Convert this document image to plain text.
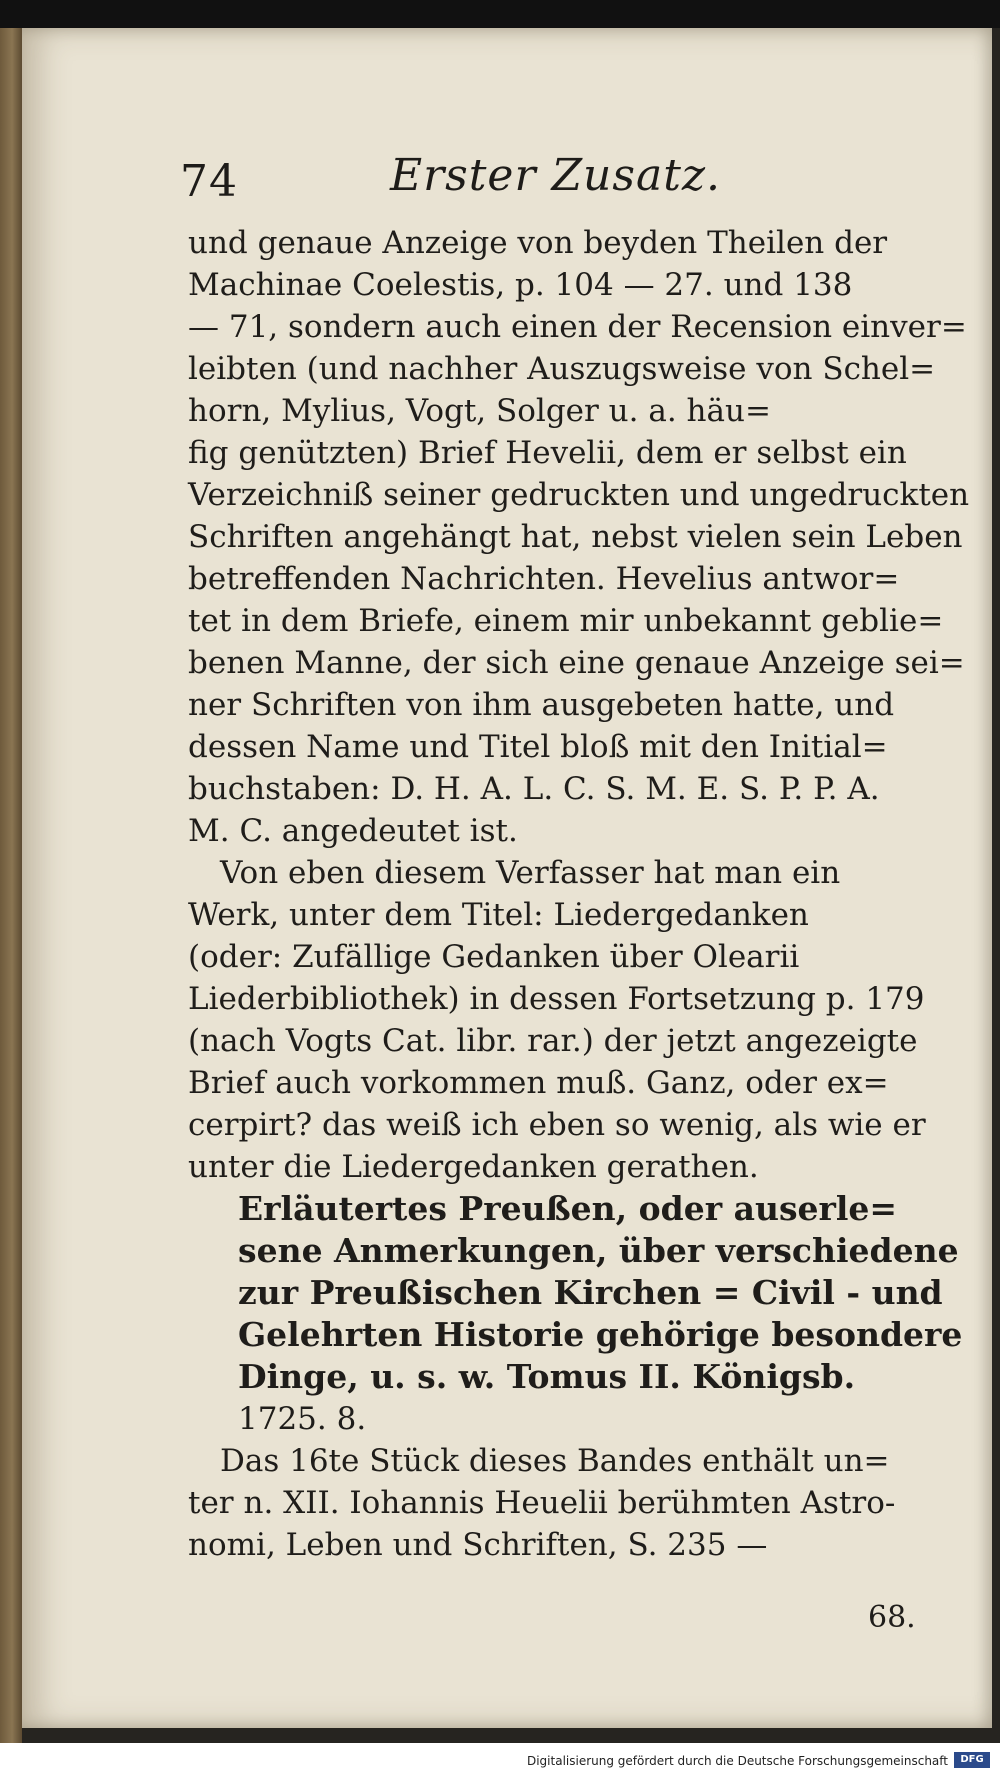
74	Erster Zusatz.
und genaue Anzeige von beyden Theilen der
Machinae Coelestis, p. 104 — 27. und 138
— 71, sondern auch einen der Recension einver=
leibten (und nachher Auszugsweise von Schel=
horn, Mylius, Vogt, Solger u. a. häu=
fig genützten) Brief Hevelii, dem er selbst ein
Verzeichniß seiner gedruckten und ungedruckten
Schriften angehängt hat, nebst vielen sein Leben
betreffenden Nachrichten. Hevelius antwor=
tet in dem Briefe, einem mir unbekannt geblie=
benen Manne, der sich eine genaue Anzeige sei=
ner Schriften von ihm ausgebeten hatte, und
dessen Name und Titel bloß mit den Initial=
buchstaben: D. H. A. L. C. S. M. E. S. P. P. A.
M. C. angedeutet ist.
Von eben diesem Verfasser hat man ein
Werk, unter dem Titel: Liedergedanken
(oder: Zufällige Gedanken über Olearii
Liederbibliothek) in dessen Fortsetzung p. 179
(nach Vogts Cat. libr. rar.) der jetzt angezeigte
Brief auch vorkommen muß. Ganz, oder ex=
cerpirt? das weiß ich eben so wenig, als wie er
unter die Liedergedanken gerathen.
Erläutertes Preußen, oder auserle=
sene Anmerkungen, über verschiedene
zur Preußischen Kirchen = Civil - und
Gelehrten Historie gehörige besondere
Dinge, u. s. w. Tomus II. Königsb.
1725. 8.
Das 16te Stück dieses Bandes enthält un=
ter n. XII. Iohannis Heuelii berühmten Astro-
nomi, Leben und Schriften, S. 235 —
68.
Digitalisierung gefördert durch die Deutsche Forschungsgemeinschaft	DFG
